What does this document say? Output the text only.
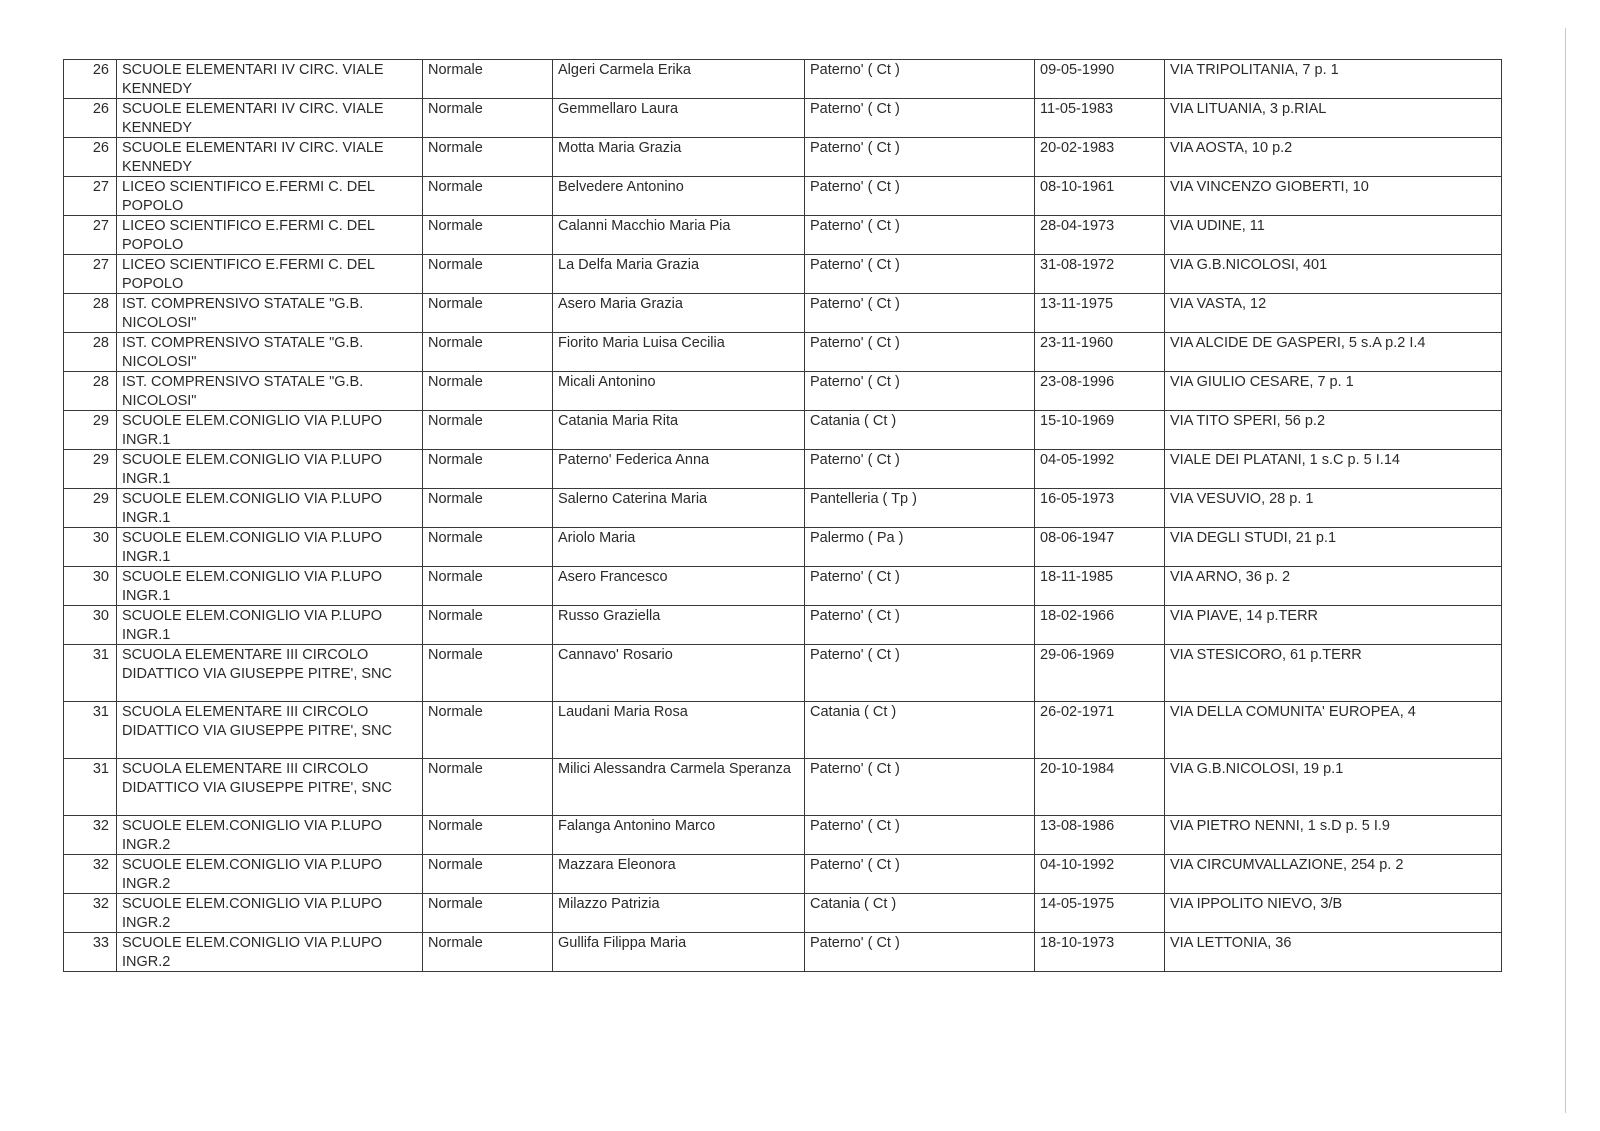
26	SCUOLE ELEMENTARI IV CIRC. VIALE KENNEDY	Normale	Algeri Carmela Erika	Paterno' ( Ct )	09-05-1990	VIA TRIPOLITANIA, 7 p. 1
26	SCUOLE ELEMENTARI IV CIRC. VIALE KENNEDY	Normale	Gemmellaro Laura	Paterno' ( Ct )	11-05-1983	VIA LITUANIA, 3 p.RIAL
26	SCUOLE ELEMENTARI IV CIRC. VIALE KENNEDY	Normale	Motta Maria Grazia	Paterno' ( Ct )	20-02-1983	VIA AOSTA, 10 p.2
27	LICEO SCIENTIFICO E.FERMI C. DEL POPOLO	Normale	Belvedere Antonino	Paterno' ( Ct )	08-10-1961	VIA VINCENZO GIOBERTI, 10
27	LICEO SCIENTIFICO E.FERMI C. DEL POPOLO	Normale	Calanni Macchio Maria Pia	Paterno' ( Ct )	28-04-1973	VIA UDINE, 11
27	LICEO SCIENTIFICO E.FERMI C. DEL POPOLO	Normale	La Delfa Maria Grazia	Paterno' ( Ct )	31-08-1972	VIA G.B.NICOLOSI, 401
28	IST. COMPRENSIVO STATALE "G.B. NICOLOSI"	Normale	Asero Maria Grazia	Paterno' ( Ct )	13-11-1975	VIA VASTA, 12
28	IST. COMPRENSIVO STATALE "G.B. NICOLOSI"	Normale	Fiorito Maria Luisa Cecilia	Paterno' ( Ct )	23-11-1960	VIA ALCIDE DE GASPERI, 5 s.A p.2 I.4
28	IST. COMPRENSIVO STATALE "G.B. NICOLOSI"	Normale	Micali Antonino	Paterno' ( Ct )	23-08-1996	VIA GIULIO CESARE, 7 p. 1
29	SCUOLE ELEM.CONIGLIO VIA P.LUPO INGR.1	Normale	Catania Maria Rita	Catania ( Ct )	15-10-1969	VIA TITO SPERI, 56 p.2
29	SCUOLE ELEM.CONIGLIO VIA P.LUPO INGR.1	Normale	Paterno' Federica Anna	Paterno' ( Ct )	04-05-1992	VIALE DEI PLATANI, 1 s.C p. 5 I.14
29	SCUOLE ELEM.CONIGLIO VIA P.LUPO INGR.1	Normale	Salerno Caterina Maria	Pantelleria ( Tp )	16-05-1973	VIA VESUVIO, 28 p. 1
30	SCUOLE ELEM.CONIGLIO VIA P.LUPO INGR.1	Normale	Ariolo Maria	Palermo ( Pa )	08-06-1947	VIA DEGLI STUDI, 21 p.1
30	SCUOLE ELEM.CONIGLIO VIA P.LUPO INGR.1	Normale	Asero Francesco	Paterno' ( Ct )	18-11-1985	VIA ARNO, 36 p. 2
30	SCUOLE ELEM.CONIGLIO VIA P.LUPO INGR.1	Normale	Russo Graziella	Paterno' ( Ct )	18-02-1966	VIA PIAVE, 14 p.TERR
31	SCUOLA ELEMENTARE III CIRCOLO DIDATTICO VIA GIUSEPPE PITRE', SNC	Normale	Cannavo' Rosario	Paterno' ( Ct )	29-06-1969	VIA STESICORO, 61 p.TERR
31	SCUOLA ELEMENTARE III CIRCOLO DIDATTICO VIA GIUSEPPE PITRE', SNC	Normale	Laudani Maria Rosa	Catania ( Ct )	26-02-1971	VIA DELLA COMUNITA' EUROPEA, 4
31	SCUOLA ELEMENTARE III CIRCOLO DIDATTICO VIA GIUSEPPE PITRE', SNC	Normale	Milici Alessandra Carmela Speranza	Paterno' ( Ct )	20-10-1984	VIA G.B.NICOLOSI, 19 p.1
32	SCUOLE ELEM.CONIGLIO VIA P.LUPO INGR.2	Normale	Falanga Antonino Marco	Paterno' ( Ct )	13-08-1986	VIA PIETRO NENNI, 1 s.D p. 5 I.9
32	SCUOLE ELEM.CONIGLIO VIA P.LUPO INGR.2	Normale	Mazzara Eleonora	Paterno' ( Ct )	04-10-1992	VIA CIRCUMVALLAZIONE, 254 p. 2
32	SCUOLE ELEM.CONIGLIO VIA P.LUPO INGR.2	Normale	Milazzo Patrizia	Catania ( Ct )	14-05-1975	VIA IPPOLITO NIEVO, 3/B
33	SCUOLE ELEM.CONIGLIO VIA P.LUPO INGR.2	Normale	Gullifa Filippa Maria	Paterno' ( Ct )	18-10-1973	VIA LETTONIA, 36
